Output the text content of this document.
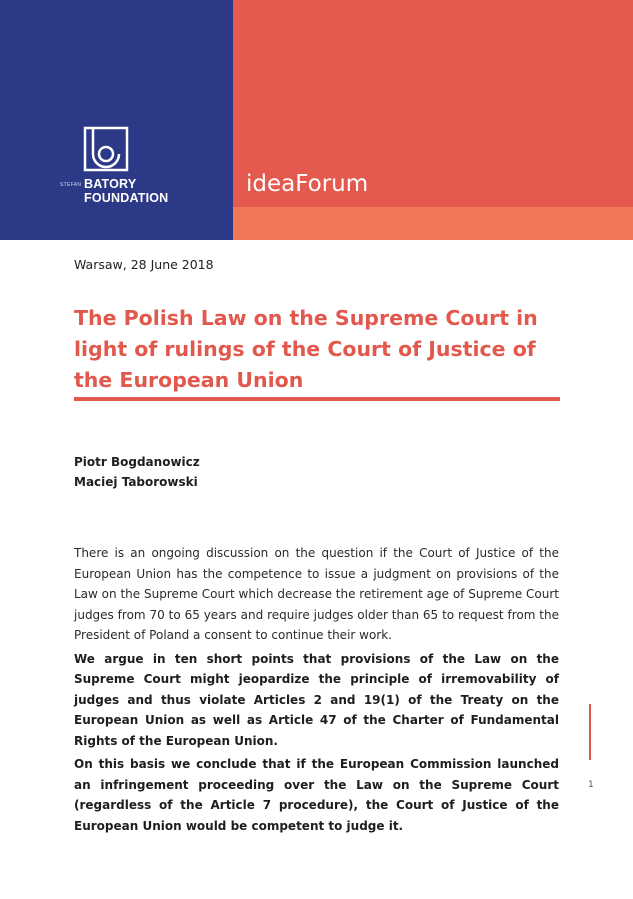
STEFAN BATORY
FOUNDATION
ideaForum
Warsaw, 28 June 2018
The Polish Law on the Supreme Court in light of rulings of the Court of Justice of the European Union
Piotr Bogdanowicz
Maciej Taborowski

There is an ongoing discussion on the question if the Court of Justice of the European Union has the competence to issue a judgment on provisions of the Law on the Supreme Court which decrease the retirement age of Supreme Court judges from 70 to 65 years and require judges older than 65 to request from the President of Poland a consent to continue their work.

We argue in ten short points that provisions of the Law on the Supreme Court might jeopardize the principle of irremovability of judges and thus violate Articles 2 and 19(1) of the Treaty on the European Union as well as Article 47 of the Charter of Fundamental Rights of the European Union.

On this basis we conclude that if the European Commission launched an infringement proceeding over the Law on the Supreme Court (regardless of the Article 7 procedure), the Court of Justice of the European Union would be competent to judge it.

1
